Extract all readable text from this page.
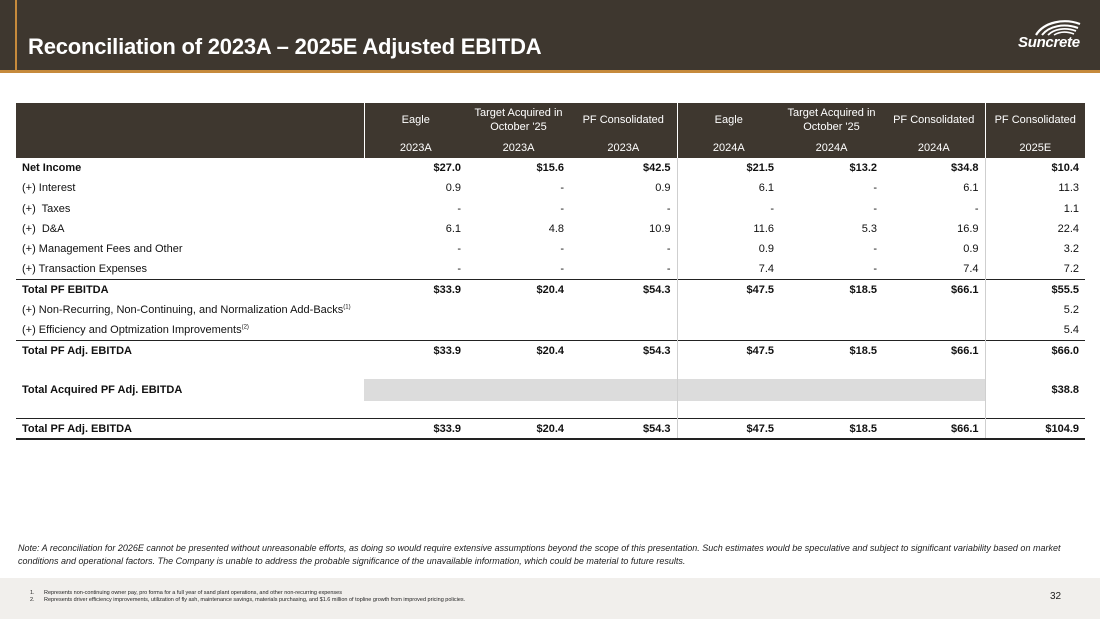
Reconciliation of 2023A – 2025E Adjusted EBITDA	Suncrete
	Eagle	Target Acquired in October '25	PF Consolidated	Eagle	Target Acquired in October '25	PF Consolidated	PF Consolidated
	2023A	2023A	2023A	2024A	2024A	2024A	2025E
Net Income	$27.0	$15.6	$42.5	$21.5	$13.2	$34.8	$10.4
(+) Interest	0.9	-	0.9	6.1	-	6.1	11.3
(+)  Taxes	-	-	-	-	-	-	1.1
(+)  D&A	6.1	4.8	10.9	11.6	5.3	16.9	22.4
(+) Management Fees and Other	-	-	-	0.9	-	0.9	3.2
(+) Transaction Expenses	-	-	-	7.4	-	7.4	7.2
Total PF EBITDA	$33.9	$20.4	$54.3	$47.5	$18.5	$66.1	$55.5
(+) Non-Recurring, Non-Continuing, and Normalization Add-Backs$^{(1)}$							5.2
(+) Efficiency and Optmization Improvements$^{(2)}$							5.4
Total PF Adj. EBITDA	$33.9	$20.4	$54.3	$47.5	$18.5	$66.1	$66.0

Total Acquired PF Adj. EBITDA							$38.8

Total PF Adj. EBITDA	$33.9	$20.4	$54.3	$47.5	$18.5	$66.1	$104.9
Note: A reconciliation for 2026E cannot be presented without unreasonable efforts, as doing so would require extensive assumptions beyond the scope of this presentation. Such estimates would be speculative and subject to significant variability based on market conditions and operational factors. The Company is unable to address the probable significance of the unavailable information, which could be material to future results.
1. Represents non-continuing owner pay, pro forma for a full year of sand plant operations, and other non-recurring expenses
2. Represents driver efficiency improvements, utilization of fly ash, maintenance savings, materials purchasing, and $1.6 million of topline growth from improved pricing policies.	32
